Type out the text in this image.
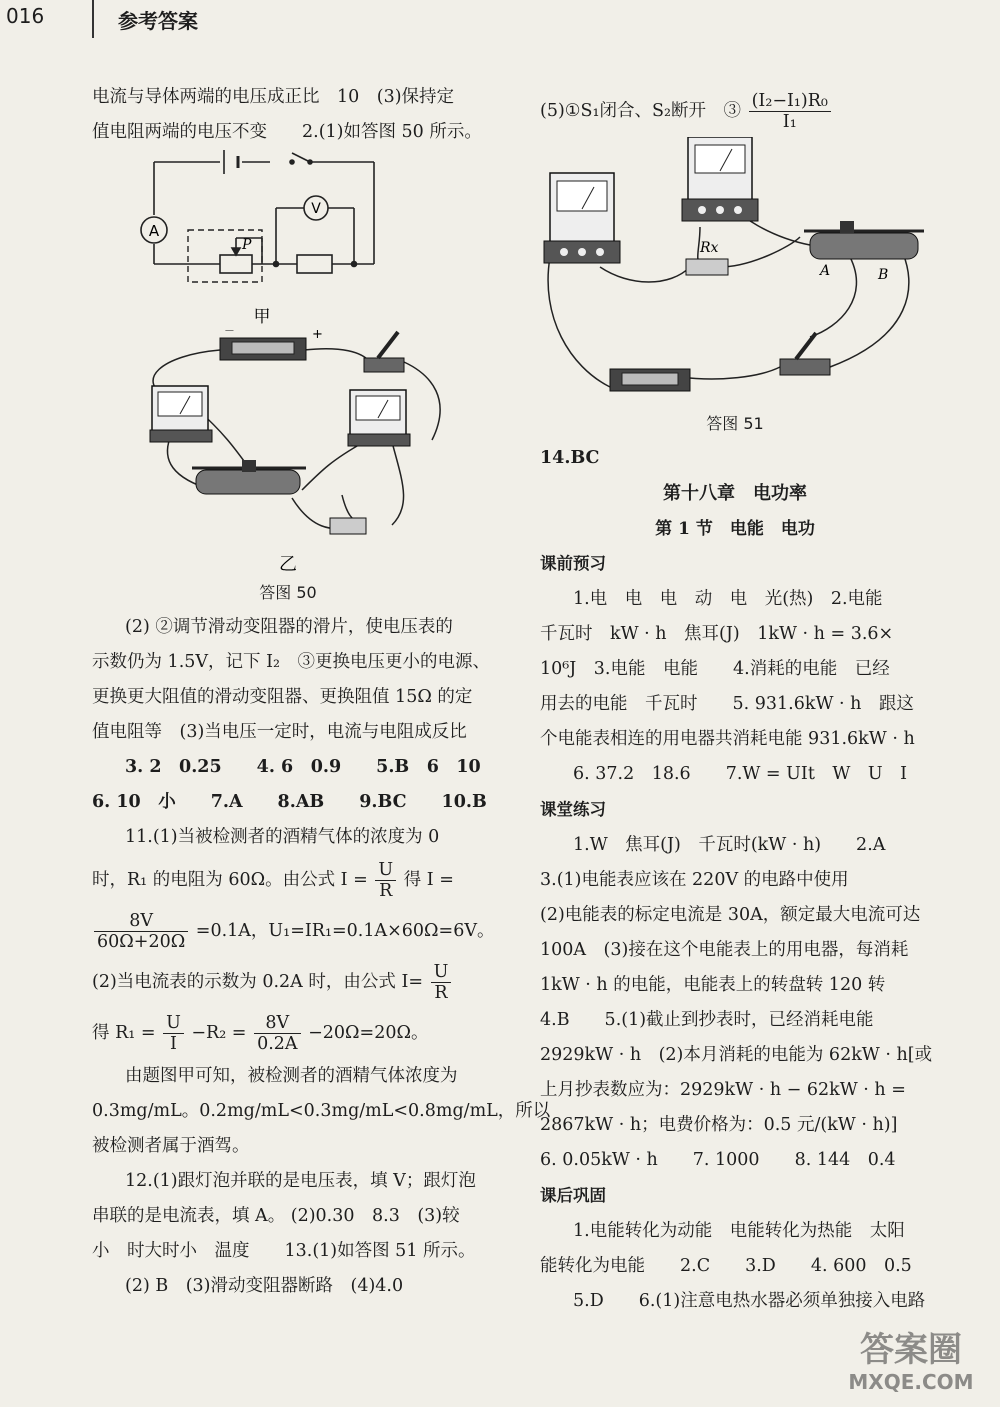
016	参考答案
电流与导体两端的电压成正比　10　(3)保持定
值电阻两端的电压不变　　2.(1)如答图 50 所示。
A
V
P
甲
−	+
乙
答图 50
(2) ②调节滑动变阻器的滑片，使电压表的
示数仍为 1.5V，记下 I₂　③更换电压更小的电源、
更换更大阻值的滑动变阻器、更换阻值 15Ω 的定
值电阻等　(3)当电压一定时，电流与电阻成反比
3. 2　0.25　　4. 6　0.9　　5.B　6　10
6. 10　小　　7.A　　8.AB　　9.BC　　10.B
11.(1)当被检测者的酒精气体的浓度为 0
时，R₁ 的电阻为 60Ω。由公式 $I = \frac{U}{R}$ 得 I =
$\frac{8V}{60\Omega+20\Omega} =0.1A$，U₁=IR₁=0.1A×60Ω=6V。
(2)当电流表的示数为 0.2A 时，由公式 $I= \frac{U}{R}$
得 $R_1 = \frac{U}{I} -R_2 = \frac{8V}{0.2A} -20\Omega=20\Omega$。
由题图甲可知，被检测者的酒精气体浓度为
0.3mg/mL。0.2mg/mL<0.3mg/mL<0.8mg/mL，所以
被检测者属于酒驾。
12.(1)跟灯泡并联的是电压表，填 V；跟灯泡
串联的是电流表，填 A。 (2)0.30　8.3　(3)较
小　时大时小　温度　　13.(1)如答图 51 所示。
(2) B　(3)滑动变阻器断路　(4)4.0
(5)①S₁闭合、S₂断开　③ $\frac{\text{(I₂−I₁)R₀}}{\text{I₁}}$
Rx
A	B
答图 51
14.BC
第十八章　电功率
第 1 节　电能　电功
课前预习
1.电　电　电　动　电　光(热)　2.电能
千瓦时　kW · h　焦耳(J)　1kW · h = 3.6×
10⁶J　3.电能　电能　　4.消耗的电能　已经
用去的电能　千瓦时　　5. 931.6kW · h　跟这
个电能表相连的用电器共消耗电能 931.6kW · h
6. 37.2　18.6　　7.W = UIt　W　U　I
课堂练习
1.W　焦耳(J)　千瓦时(kW · h)　　2.A
3.(1)电能表应该在 220V 的电路中使用
(2)电能表的标定电流是 30A，额定最大电流可达
100A　(3)接在这个电能表上的用电器，每消耗
1kW · h 的电能，电能表上的转盘转 120 转
4.B　　5.(1)截止到抄表时，已经消耗电能
2929kW · h　(2)本月消耗的电能为 62kW · h[或
上月抄表数应为：2929kW · h − 62kW · h =
2867kW · h；电费价格为：0.5 元/(kW · h)]
6. 0.05kW · h　　7. 1000　　8. 144　0.4
课后巩固
1.电能转化为动能　电能转化为热能　太阳
能转化为电能　　2.C　　3.D　　4. 600　0.5
5.D　　6.(1)注意电热水器必须单独接入电路
答案圈
MXQE.COM
